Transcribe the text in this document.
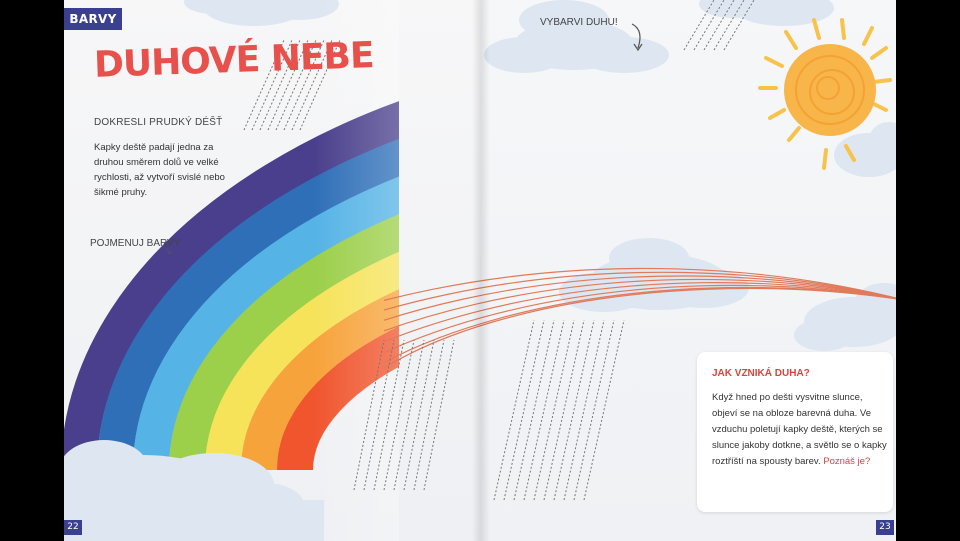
BARVY
DUHOVÉ NEBE
DOKRESLI PRUDKÝ DÉŠŤ
Kapky deště padají jedna za druhou směrem dolů ve velké rychlosti, až vytvoří svislé nebo šikmé pruhy.
POJMENUJ BARVY
↘
VYBARVI DUHU!
JAK VZNIKÁ DUHA?
Když hned po dešti vysvitne slunce, objeví se na obloze barevná duha. Ve vzduchu poletují kapky deště, kterých se slunce jakoby dotkne, a světlo se o kapky roztříští na spousty barev. Poznáš je?
22	23
